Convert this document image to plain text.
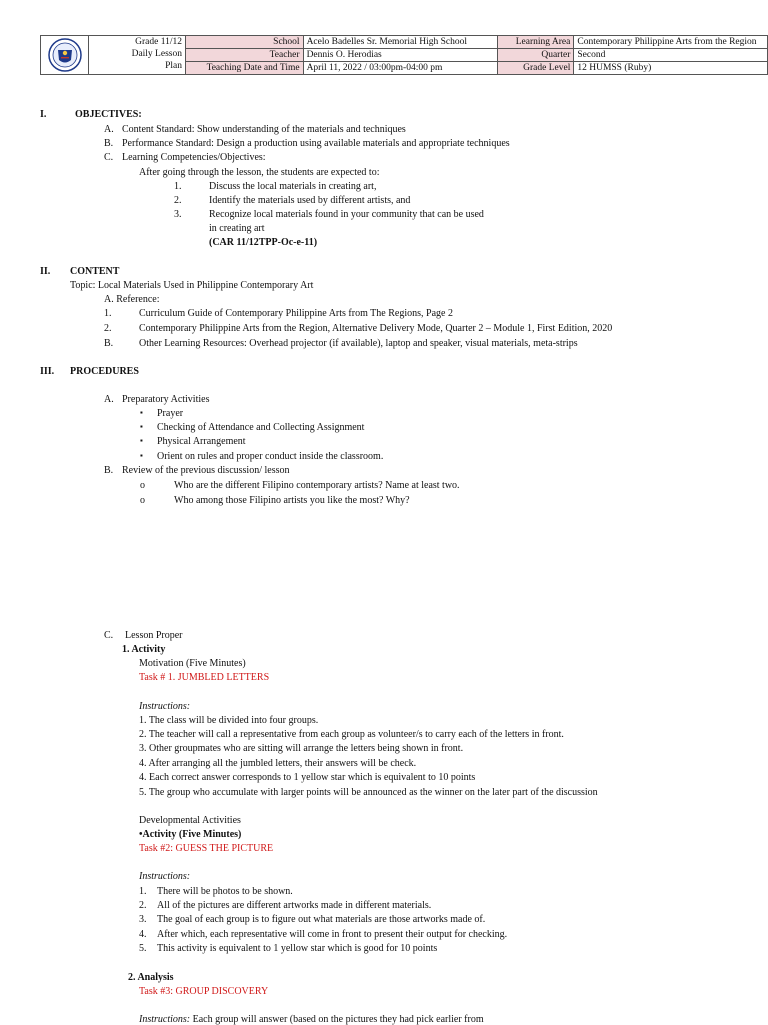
Grade 11/12
Daily Lesson
Plan	School	Acelo Badelles Sr. Memorial High School	Learning Area	Contemporary Philippine Arts from the Region
		Teacher	Dennis O. Herodias	Quarter	Second
		Teaching Date and Time	April 11, 2022 / 03:00pm-04:00 pm	Grade Level	12 HUMSS (Ruby)
I.	OBJECTIVES:
A. Content Standard: Show understanding of the materials and techniques
B. Performance Standard: Design a production using available materials and appropriate techniques
C. Learning Competencies/Objectives:
After going through the lesson, the students are expected to:
1.	Discuss the local materials in creating art,
2.	Identify the materials used by different artists, and
3.	Recognize local materials found in your community that can be used
in creating art
(CAR 11/12TPP-Oc-e-11)
II. CONTENT
Topic: Local Materials Used in Philippine Contemporary Art
A. Reference:
1.	Curriculum Guide of Contemporary Philippine Arts from The Regions, Page 2
2.	Contemporary Philippine Arts from the Region, Alternative Delivery Mode, Quarter 2 – Module 1, First Edition, 2020
B.	Other Learning Resources: Overhead projector (if available), laptop and speaker, visual materials, meta-strips
III. PROCEDURES
A. Preparatory Activities
▪ Prayer
▪ Checking of Attendance and Collecting Assignment
▪ Physical Arrangement
▪ Orient on rules and proper conduct inside the classroom.
B. Review of the previous discussion/ lesson
o	Who are the different Filipino contemporary artists? Name at least two.
o	Who among those Filipino artists you like the most? Why?
C. Lesson Proper
1. Activity
Motivation (Five Minutes)
Task # 1. JUMBLED LETTERS
Instructions:
1. The class will be divided into four groups.
2. The teacher will call a representative from each group as volunteer/s to carry each of the letters in front.
3. Other groupmates who are sitting will arrange the letters being shown in front.
4. After arranging all the jumbled letters, their answers will be check.
4. Each correct answer corresponds to 1 yellow star which is equivalent to 10 points
5. The group who accumulate with larger points will be announced as the winner on the later part of the discussion
Developmental Activities
•Activity (Five Minutes)
Task #2: GUESS THE PICTURE
Instructions:
1. There will be photos to be shown.
2. All of the pictures are different artworks made in different materials.
3. The goal of each group is to figure out what materials are those artworks made of.
4. After which, each representative will come in front to present their output for checking.
5. This activity is equivalent to 1 yellow star which is good for 10 points
2. Analysis
Task #3: GROUP DISCOVERY
Instructions: Each group will answer (based on the pictures they had pick earlier from
